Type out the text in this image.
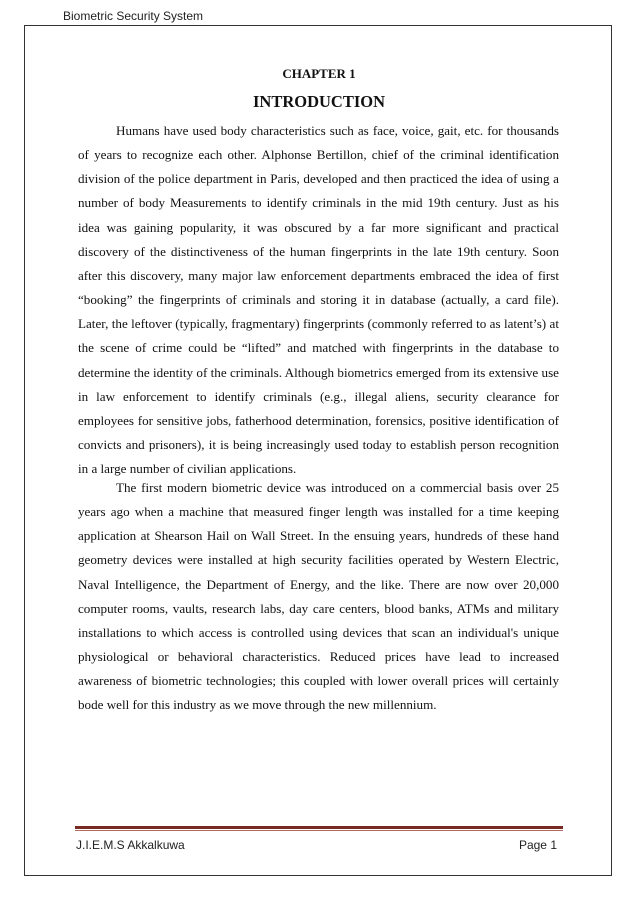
Biometric Security System
CHAPTER 1
INTRODUCTION

Humans have used body characteristics such as face, voice, gait, etc. for thousands of years to recognize each other. Alphonse Bertillon, chief of the criminal identification division of the police department in Paris, developed and then practiced the idea of using a number of body Measurements to identify criminals in the mid 19th century. Just as his idea was gaining popularity, it was obscured by a far more significant and practical discovery of the distinctiveness of the human fingerprints in the late 19th century. Soon after this discovery, many major law enforcement departments embraced the idea of first “booking” the fingerprints of criminals and storing it in database (actually, a card file). Later, the leftover (typically, fragmentary) fingerprints (commonly referred to as latent’s) at the scene of crime could be “lifted” and matched with fingerprints in the database to determine the identity of the criminals. Although biometrics emerged from its extensive use in law enforcement to identify criminals (e.g., illegal aliens, security clearance for employees for sensitive jobs, fatherhood determination, forensics, positive identification of convicts and prisoners), it is being increasingly used today to establish person recognition in a large number of civilian applications.

The first modern biometric device was introduced on a commercial basis over 25 years ago when a machine that measured finger length was installed for a time keeping application at Shearson Hail on Wall Street. In the ensuing years, hundreds of these hand geometry devices were installed at high security facilities operated by Western Electric, Naval Intelligence, the Department of Energy, and the like. There are now over 20,000 computer rooms, vaults, research labs, day care centers, blood banks, ATMs and military installations to which access is controlled using devices that scan an individual's unique physiological or behavioral characteristics. Reduced prices have lead to increased awareness of biometric technologies; this coupled with lower overall prices will certainly bode well for this industry as we move through the new millennium.

J.I.E.M.S Akkalkuwa	Page 1
